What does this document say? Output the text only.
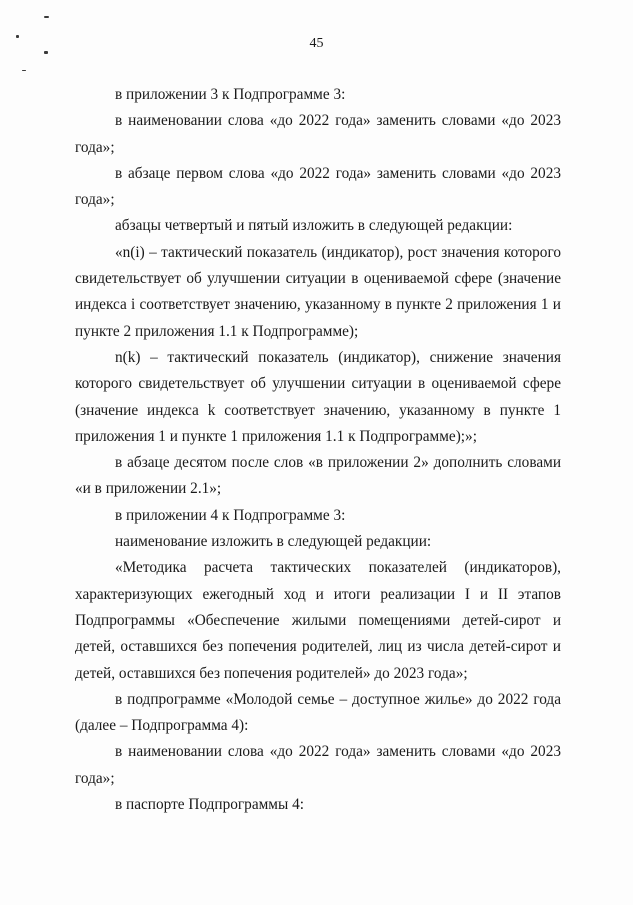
45

в приложении 3 к Подпрограмме 3:

в наименовании слова «до 2022 года» заменить словами «до 2023 года»;

в абзаце первом слова «до 2022 года» заменить словами «до 2023 года»;

абзацы четвертый и пятый изложить в следующей редакции:

«n(i) – тактический показатель (индикатор), рост значения которого свидетельствует об улучшении ситуации в оцениваемой сфере (значение индекса i соответствует значению, указанному в пункте 2 приложения 1 и пункте 2 приложения 1.1 к Подпрограмме);

n(k) – тактический показатель (индикатор), снижение значения которого свидетельствует об улучшении ситуации в оцениваемой сфере (значение индекса k соответствует значению, указанному в пункте 1 приложения 1 и пункте 1 приложения 1.1 к Подпрограмме);»;

в абзаце десятом после слов «в приложении 2» дополнить словами «и в приложении 2.1»;

в приложении 4 к Подпрограмме 3:

наименование изложить в следующей редакции:

«Методика расчета тактических показателей (индикаторов), характеризующих ежегодный ход и итоги реализации I и II этапов Подпрограммы «Обеспечение жилыми помещениями детей-сирот и детей, оставшихся без попечения родителей, лиц из числа детей-сирот и детей, оставшихся без попечения родителей» до 2023 года»;

в подпрограмме «Молодой семье – доступное жилье» до 2022 года (далее – Подпрограмма 4):

в наименовании слова «до 2022 года» заменить словами «до 2023 года»;

в паспорте Подпрограммы 4:
